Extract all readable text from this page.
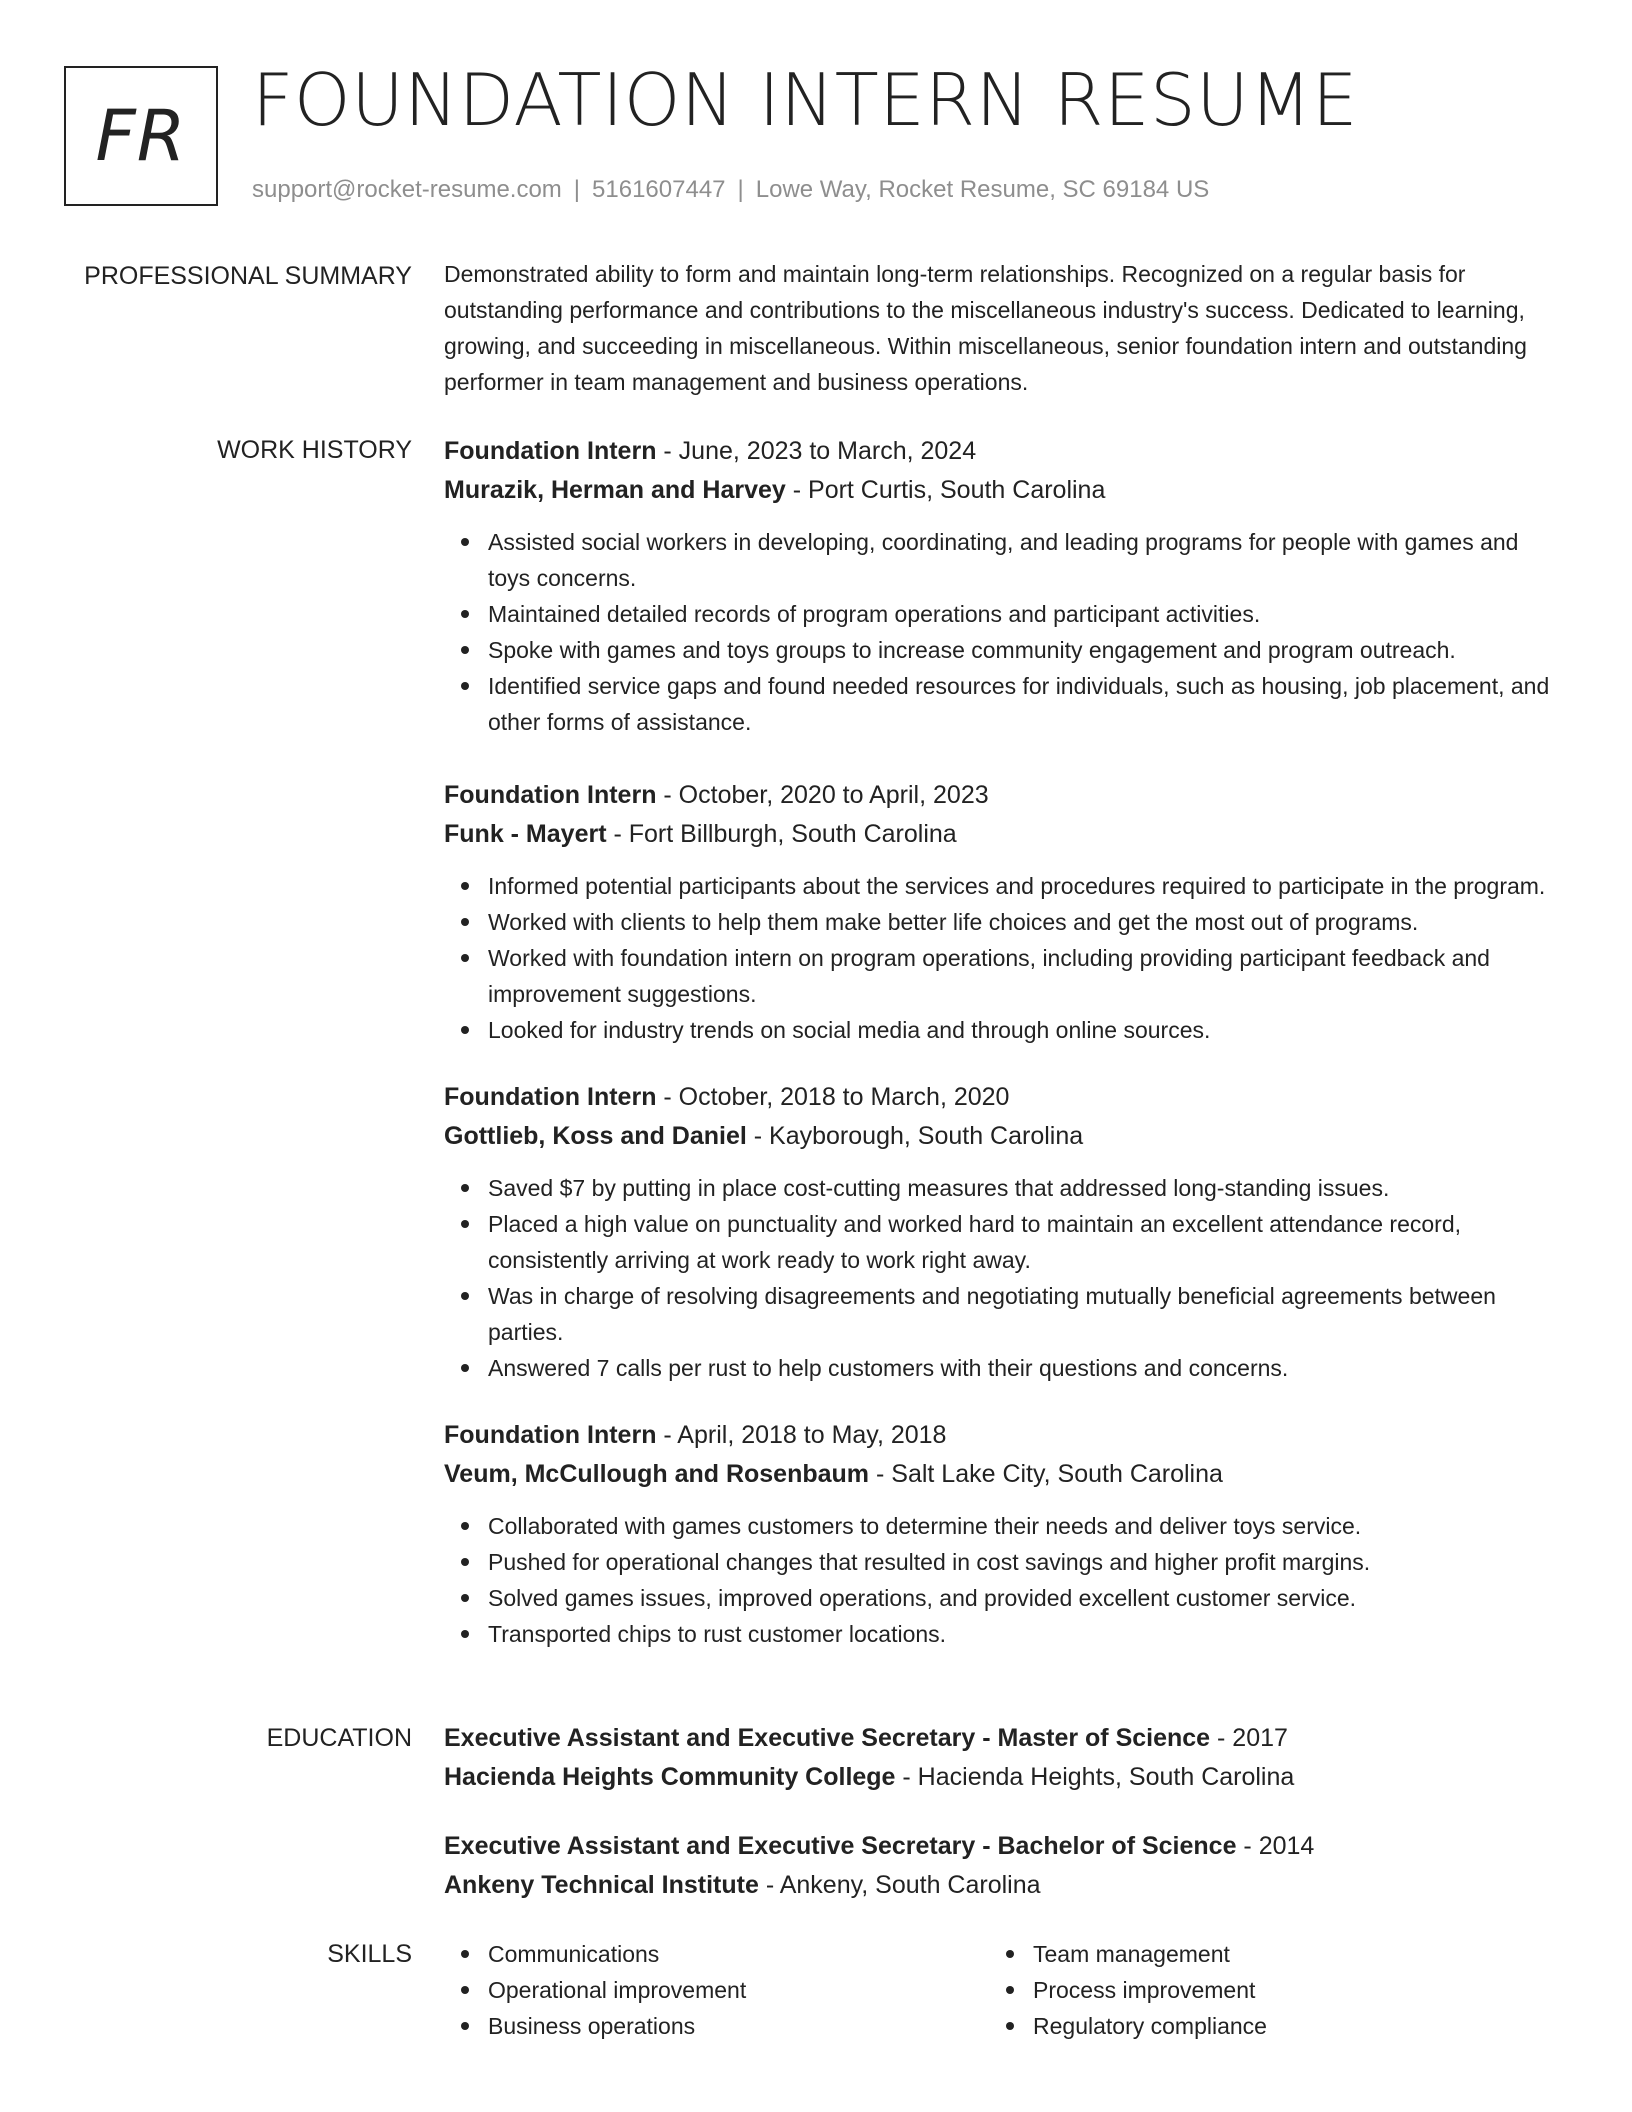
FR FOUNDATION INTERN RESUME
support@rocket-resume.com | 5161607447 | Lowe Way, Rocket Resume, SC 69184 US
PROFESSIONAL SUMMARY Demonstrated ability to form and maintain long-term relationships. Recognized on a regular basis for outstanding performance and contributions to the miscellaneous industry's success. Dedicated to learning, growing, and succeeding in miscellaneous. Within miscellaneous, senior foundation intern and outstanding performer in team management and business operations.

WORK HISTORY Foundation Intern - June, 2023 to March, 2024
Murazik, Herman and Harvey - Port Curtis, South Carolina
Assisted social workers in developing, coordinating, and leading programs for people with games and toys concerns.
Maintained detailed records of program operations and participant activities.
Spoke with games and toys groups to increase community engagement and program outreach.
Identified service gaps and found needed resources for individuals, such as housing, job placement, and other forms of assistance.
Foundation Intern - October, 2020 to April, 2023
Funk - Mayert - Fort Billburgh, South Carolina
Informed potential participants about the services and procedures required to participate in the program.
Worked with clients to help them make better life choices and get the most out of programs.
Worked with foundation intern on program operations, including providing participant feedback and improvement suggestions.
Looked for industry trends on social media and through online sources.
Foundation Intern - October, 2018 to March, 2020
Gottlieb, Koss and Daniel - Kayborough, South Carolina
Saved $7 by putting in place cost-cutting measures that addressed long-standing issues.
Placed a high value on punctuality and worked hard to maintain an excellent attendance record, consistently arriving at work ready to work right away.
Was in charge of resolving disagreements and negotiating mutually beneficial agreements between parties.
Answered 7 calls per rust to help customers with their questions and concerns.
Foundation Intern - April, 2018 to May, 2018
Veum, McCullough and Rosenbaum - Salt Lake City, South Carolina
Collaborated with games customers to determine their needs and deliver toys service.
Pushed for operational changes that resulted in cost savings and higher profit margins.
Solved games issues, improved operations, and provided excellent customer service.
Transported chips to rust customer locations.
EDUCATION Executive Assistant and Executive Secretary - Master of Science - 2017
Hacienda Heights Community College - Hacienda Heights, South Carolina
Executive Assistant and Executive Secretary - Bachelor of Science - 2014
Ankeny Technical Institute - Ankeny, South Carolina
SKILLS	Communications
Operational improvement
Business operations
Team management
Process improvement
Regulatory compliance
